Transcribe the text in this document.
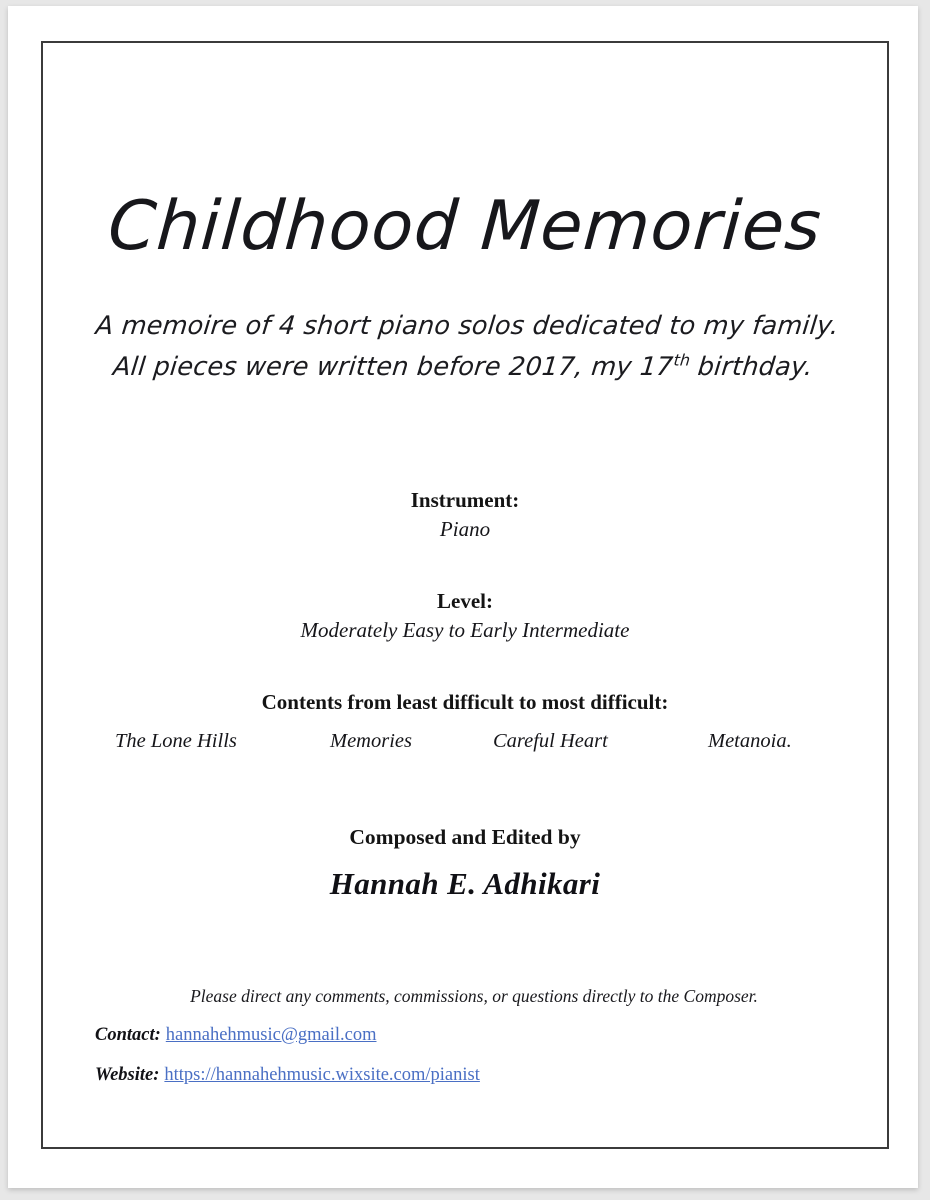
Childhood Memories
A memoire of 4 short piano solos dedicated to my family.
All pieces were written before 2017, my 17th birthday.
Instrument:
Piano
Level:
Moderately Easy to Early Intermediate
Contents from least difficult to most difficult:
The Lone Hills	Memories	Careful Heart	Metanoia.
Composed and Edited by
Hannah E. Adhikari
Please direct any comments, commissions, or questions directly to the Composer.
Contact: hannahehmusic@gmail.com
Website: https://hannahehmusic.wixsite.com/pianist
